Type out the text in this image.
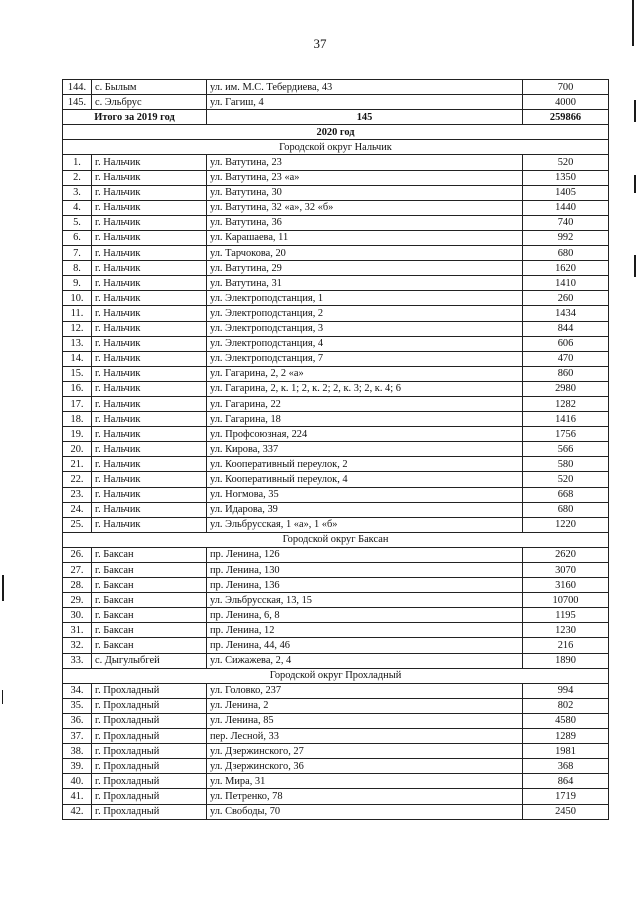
37
144.	с. Былым	ул. им. М.С. Тебердиева, 43	700
145.	с. Эльбрус	ул. Гагиш, 4	4000
Итого за 2019 год		145	259866
2020 год			
Городской округ Нальчик			
1.	г. Нальчик	ул. Ватутина, 23	520
2.	г. Нальчик	ул. Ватутина, 23 «а»	1350
3.	г. Нальчик	ул. Ватутина, 30	1405
4.	г. Нальчик	ул. Ватутина, 32 «а», 32 «б»	1440
5.	г. Нальчик	ул. Ватутина, 36	740
6.	г. Нальчик	ул. Карашаева, 11	992
7.	г. Нальчик	ул. Тарчокова, 20	680
8.	г. Нальчик	ул. Ватутина, 29	1620
9.	г. Нальчик	ул. Ватутина, 31	1410
10.	г. Нальчик	ул. Электроподстанция, 1	260
11.	г. Нальчик	ул. Электроподстанция, 2	1434
12.	г. Нальчик	ул. Электроподстанция, 3	844
13.	г. Нальчик	ул. Электроподстанция, 4	606
14.	г. Нальчик	ул. Электроподстанция, 7	470
15.	г. Нальчик	ул. Гагарина, 2, 2 «а»	860
16.	г. Нальчик	ул. Гагарина, 2, к. 1; 2, к. 2; 2, к. 3; 2, к. 4; 6	2980
17.	г. Нальчик	ул. Гагарина, 22	1282
18.	г. Нальчик	ул. Гагарина, 18	1416
19.	г. Нальчик	ул. Профсоюзная, 224	1756
20.	г. Нальчик	ул. Кирова, 337	566
21.	г. Нальчик	ул. Кооперативный переулок, 2	580
22.	г. Нальчик	ул. Кооперативный переулок, 4	520
23.	г. Нальчик	ул. Ногмова, 35	668
24.	г. Нальчик	ул. Идарова, 39	680
25.	г. Нальчик	ул. Эльбрусская, 1 «а», 1 «б»	1220
Городской округ Баксан			
26.	г. Баксан	пр. Ленина, 126	2620
27.	г. Баксан	пр. Ленина, 130	3070
28.	г. Баксан	пр. Ленина, 136	3160
29.	г. Баксан	ул. Эльбрусская, 13, 15	10700
30.	г. Баксан	пр. Ленина, 6, 8	1195
31.	г. Баксан	пр. Ленина, 12	1230
32.	г. Баксан	пр. Ленина, 44, 46	216
33.	с. Дыгулыбгей	ул. Сижажева, 2, 4	1890
Городской округ Прохладный			
34.	г. Прохладный	ул. Головко, 237	994
35.	г. Прохладный	ул. Ленина, 2	802
36.	г. Прохладный	ул. Ленина, 85	4580
37.	г. Прохладный	пер. Лесной, 33	1289
38.	г. Прохладный	ул. Дзержинского, 27	1981
39.	г. Прохладный	ул. Дзержинского, 36	368
40.	г. Прохладный	ул. Мира, 31	864
41.	г. Прохладный	ул. Петренко, 78	1719
42.	г. Прохладный	ул. Свободы, 70	2450
